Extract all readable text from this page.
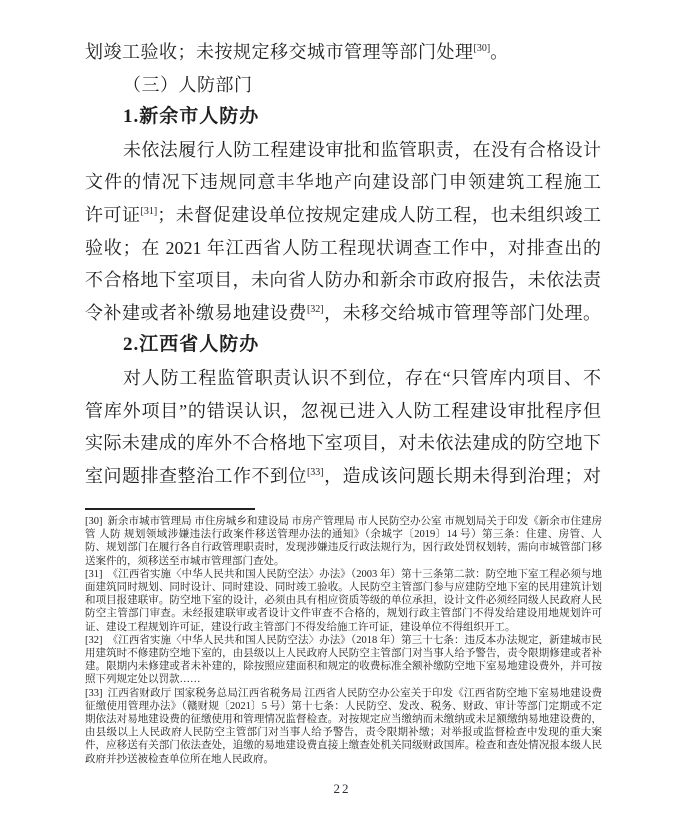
划竣工验收；未按规定移交城市管理等部门处理[30]。
（三）人防部门
1.新余市人防办
未依法履行人防工程建设审批和监管职责，在没有合格设计
文件的情况下违规同意丰华地产向建设部门申领建筑工程施工
许可证[31]；未督促建设单位按规定建成人防工程，也未组织竣工
验收；在 2021 年江西省人防工程现状调查工作中，对排查出的
不合格地下室项目，未向省人防办和新余市政府报告，未依法责
令补建或者补缴易地建设费[32]，未移交给城市管理等部门处理。
2.江西省人防办
对人防工程监管职责认识不到位，存在“只管库内项目、不
管库外项目”的错误认识，忽视已进入人防工程建设审批程序但
实际未建成的库外不合格地下室项目，对未依法建成的防空地下
室问题排查整治工作不到位[33]，造成该问题长期未得到治理；对

[30] 新余市城市管理局 市住房城乡和建设局 市房产管理局 市人民防空办公室 市规划局关于印发《新余市住建房管 人防 规划领域涉嫌违法行政案件移送管理办法的通知》（余城字〔2019〕14 号）第三条：住建、房管、人防、规划部门在履行各自行政管理职责时，发现涉嫌违反行政法规行为，因行政处罚权划转，需向市城管部门移送案件的，须移送至市城市管理部门查处。

[31] 《江西省实施〈中华人民共和国人民防空法〉办法》（2003 年）第十三条第二款：防空地下室工程必须与地面建筑同时规划、同时设计、同时建设、同时竣工验收。人民防空主管部门参与应建防空地下室的民用建筑计划和项目报建联审。防空地下室的设计，必须由具有相应资质等级的单位承担，设计文件必须经同级人民政府人民防空主管部门审查。未经报建联审或者设计文件审查不合格的，规划行政主管部门不得发给建设用地规划许可证、建设工程规划许可证，建设行政主管部门不得发给施工许可证，建设单位不得组织开工。

[32] 《江西省实施〈中华人民共和国人民防空法〉办法》（2018 年）第三十七条：违反本办法规定，新建城市民用建筑时不修建防空地下室的，由县级以上人民政府人民防空主管部门对当事人给予警告，责令限期修建或者补建。限期内未修建或者未补建的，除按照应建面积和规定的收费标准全额补缴防空地下室易地建设费外，并可按照下列规定处以罚款……

[33] 江西省财政厅 国家税务总局江西省税务局 江西省人民防空办公室关于印发《江西省防空地下室易地建设费征缴使用管理办法》（赣财规〔2021〕5 号）第十七条：人民防空、发改、税务、财政、审计等部门定期或不定期依法对易地建设费的征缴使用和管理情况监督检查。对按规定应当缴纳而未缴纳或未足额缴纳易地建设费的，由县级以上人民政府人民防空主管部门对当事人给予警告，责令限期补缴；对举报或监督检查中发现的重大案件，应移送有关部门依法查处，追缴的易地建设费直接上缴查处机关同级财政国库。检查和查处情况报本级人民政府并抄送被检查单位所在地人民政府。

22
